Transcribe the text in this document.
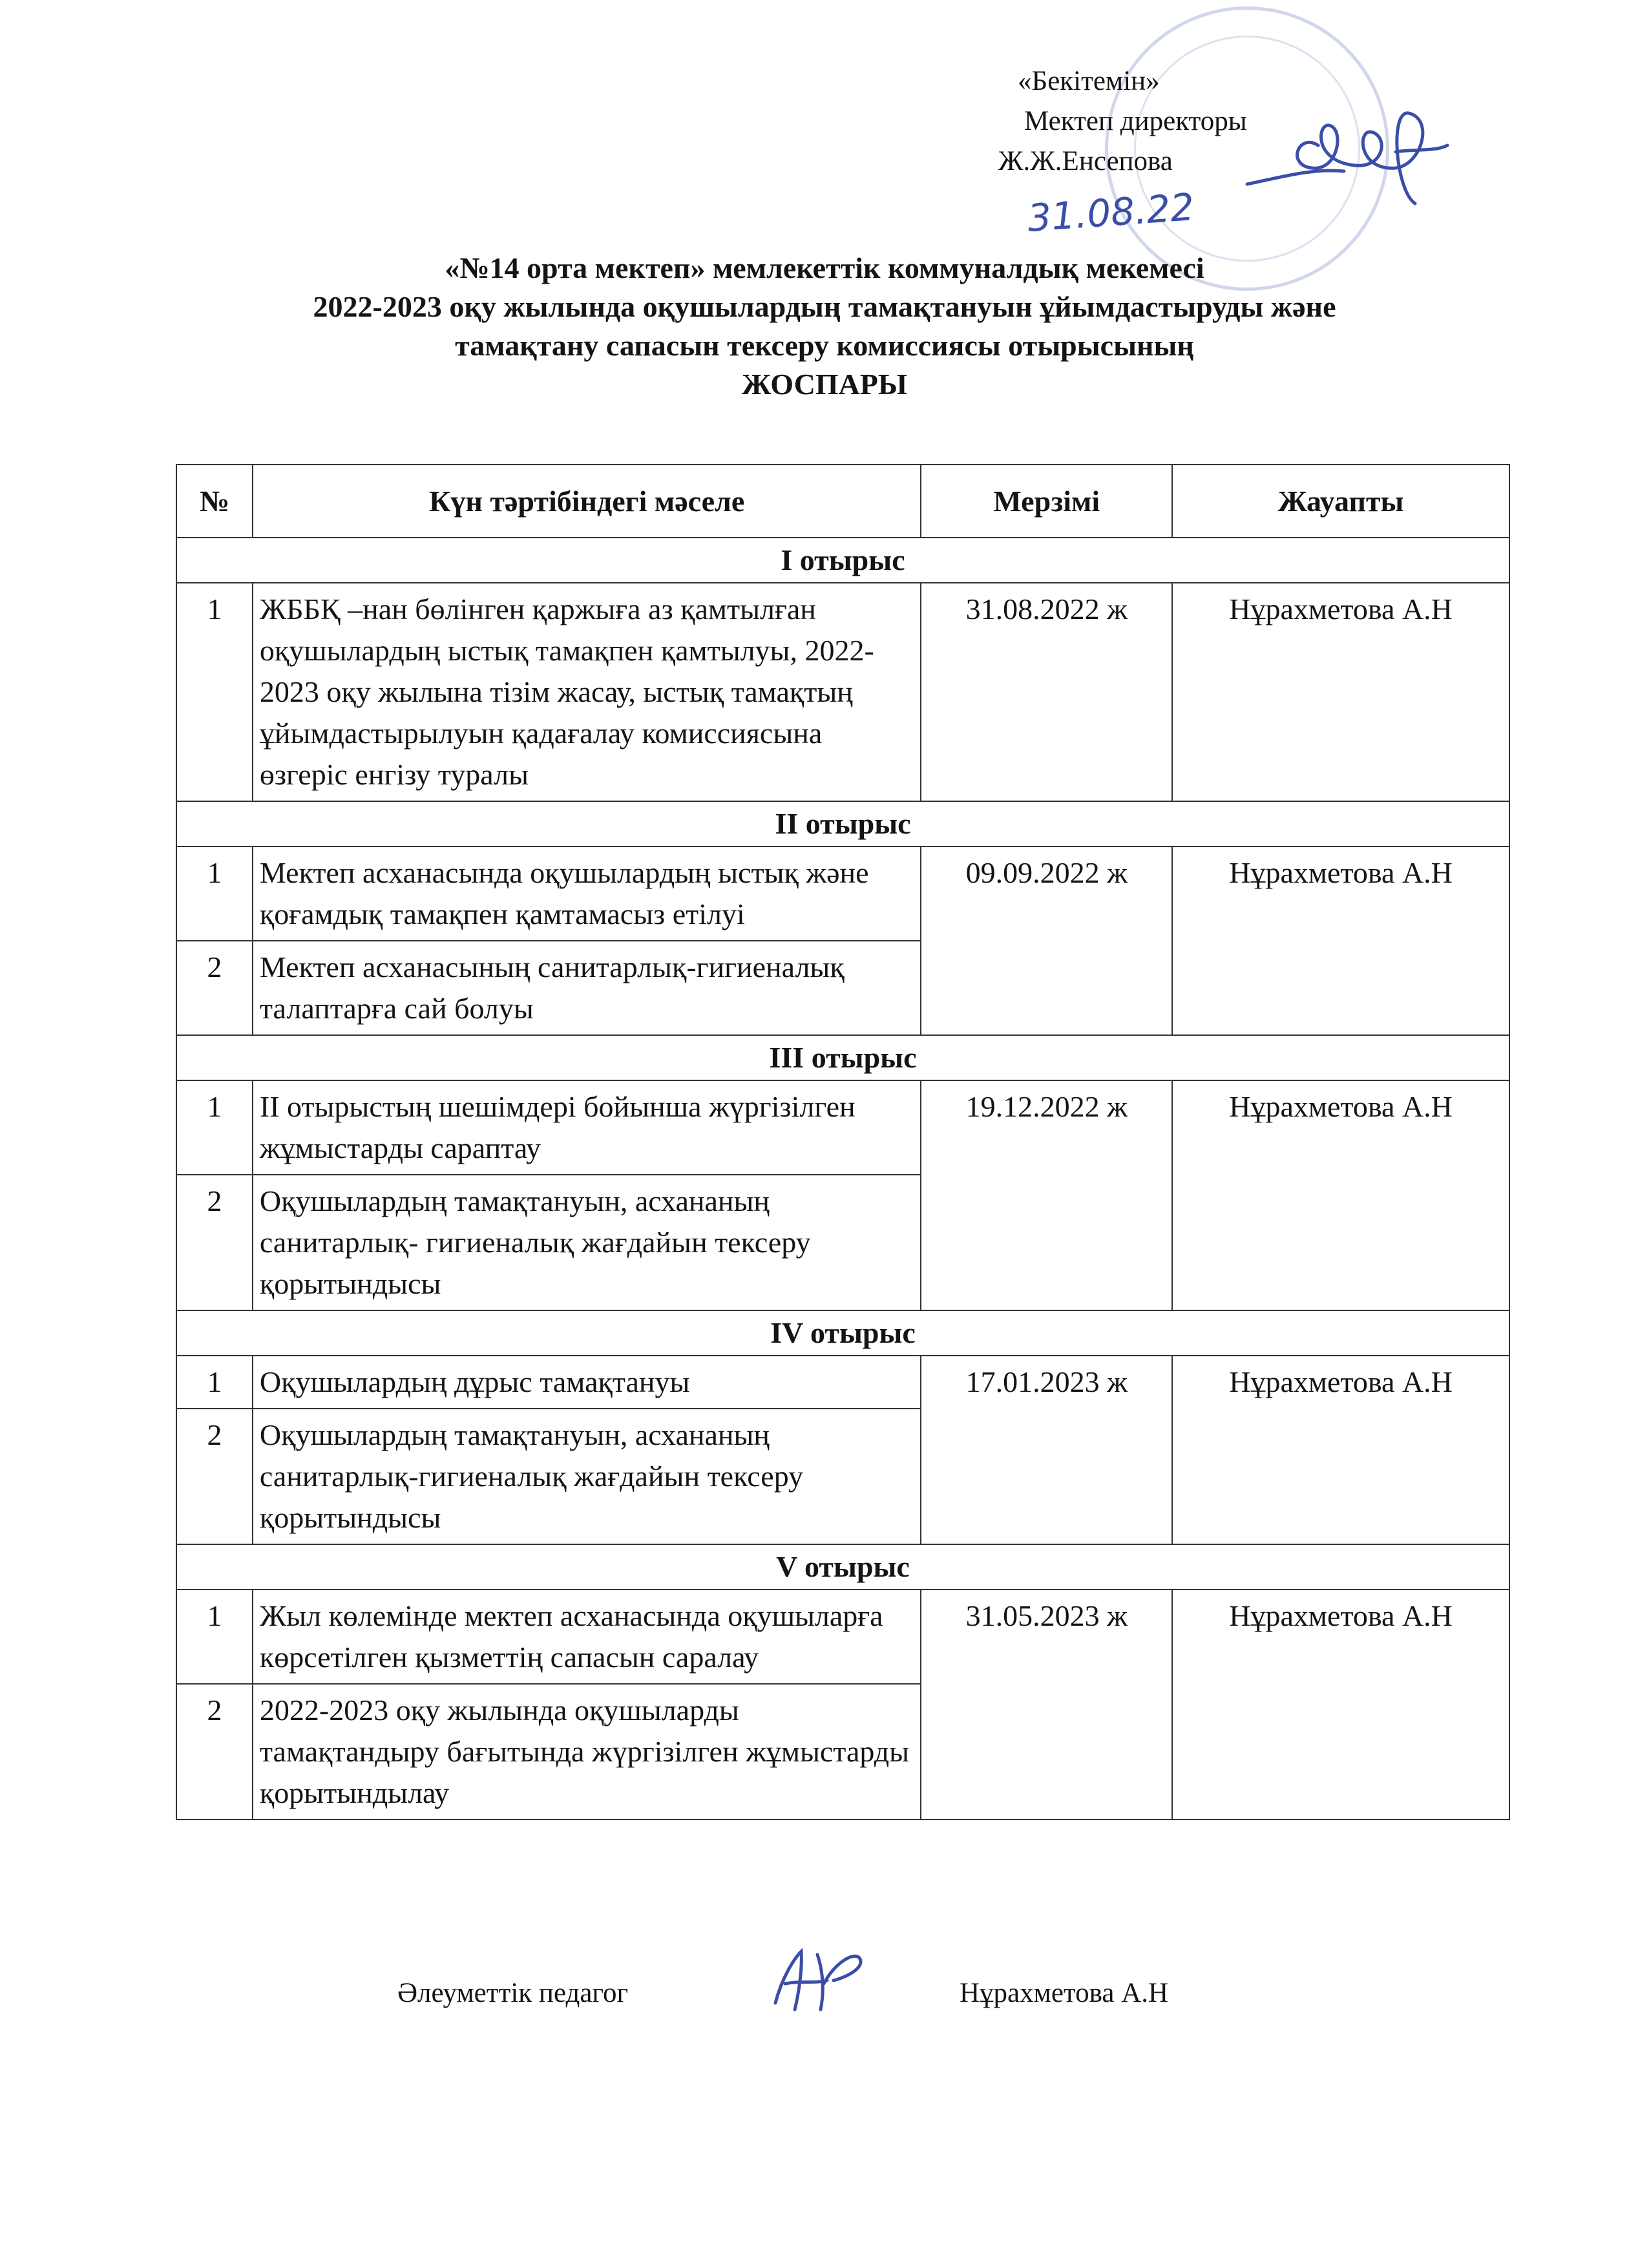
«Бекітемін»
Мектеп директоры
Ж.Ж.Енсепова
31.08.22
«№14 орта мектеп» мемлекеттік коммуналдық мекемесі
2022-2023 оқу жылында оқушылардың тамақтануын ұйымдастыруды және
тамақтану сапасын тексеру комиссиясы отырысының
ЖОСПАРЫ
№	Күн тәртібіндегі мәселе	Мерзімі	Жауапты
I отырыс			
1	ЖББҚ –нан бөлінген қаржыға аз қамтылған оқушылардың ыстық тамақпен қамтылуы, 2022-2023 оқу жылына тізім жасау, ыстық тамақтың ұйымдастырылуын қадағалау комиссиясына өзгеріс енгізу туралы	31.08.2022 ж	Нұрахметова А.Н
II отырыс			
1	Мектеп асханасында оқушылардың ыстық және қоғамдық тамақпен қамтамасыз етілуі	09.09.2022 ж	Нұрахметова А.Н
2	Мектеп асханасының санитарлық-гигиеналық талаптарға сай болуы		
III отырыс			
1	II отырыстың шешімдері бойынша жүргізілген жұмыстарды сараптау	19.12.2022 ж	Нұрахметова А.Н
2	Оқушылардың тамақтануын, асхананың санитарлық- гигиеналық жағдайын тексеру қорытындысы		
IV отырыс			
1	Оқушылардың дұрыс тамақтануы	17.01.2023 ж	Нұрахметова А.Н
2	Оқушылардың тамақтануын, асхананың санитарлық-гигиеналық жағдайын тексеру қорытындысы		
V отырыс			
1	Жыл көлемінде мектеп асханасында оқушыларға көрсетілген қызметтің сапасын саралау	31.05.2023 ж	Нұрахметова А.Н
2	2022-2023 оқу жылында оқушыларды тамақтандыру бағытында жүргізілген жұмыстарды қорытындылау		
Әлеуметтік педагог	Нұрахметова А.Н
